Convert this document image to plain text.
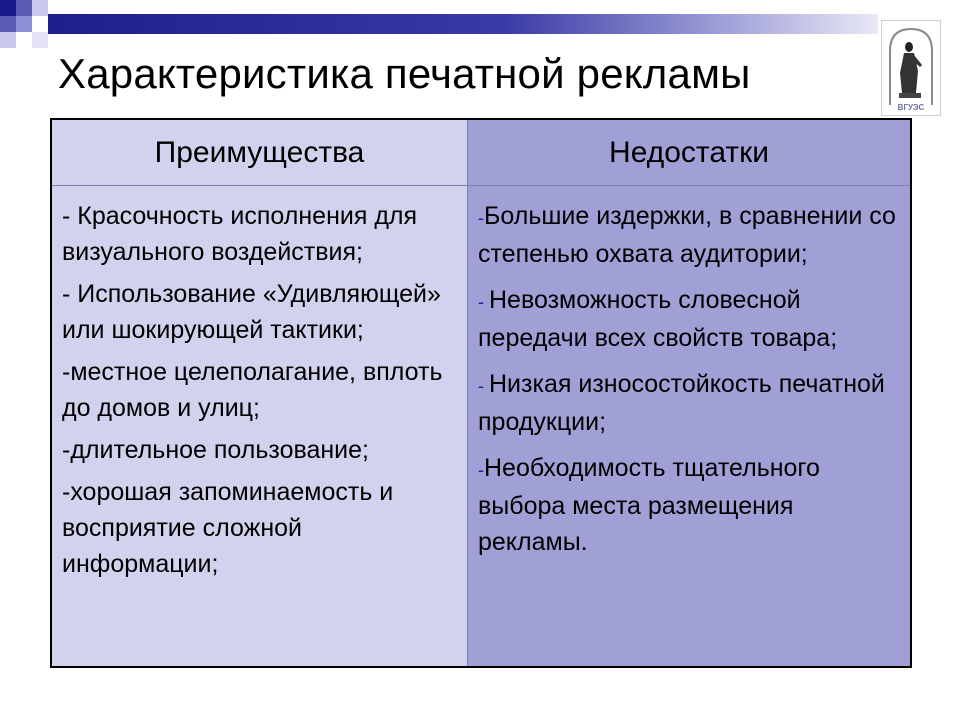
Характеристика печатной рекламы
ВГУЭС
Преимущества	Недостатки

- Красочность исполнения для визуального воздействия;

- Использование «Удивляющей» или шокирующей тактики;

-местное целеполагание, вплоть до домов и улиц;

-длительное пользование;

-хорошая запоминаемость и восприятие сложной информации;

-Большие издержки, в сравнении со степенью охвата аудитории;

- Невозможность словесной передачи всех свойств товара;

- Низкая износостойкость печатной продукции;

-Необходимость тщательного выбора места размещения рекламы.
